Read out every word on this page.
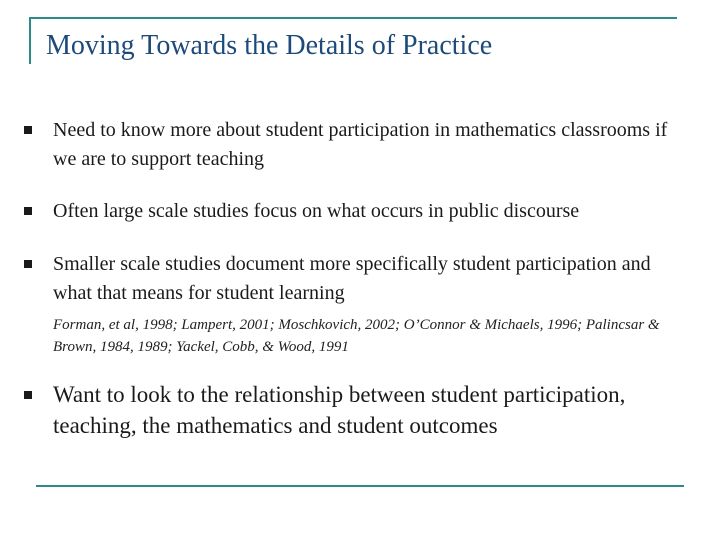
Moving Towards the Details of Practice
Need to know more about student participation in mathematics classrooms if we are to support teaching
Often large scale studies focus on what occurs in public discourse
Smaller scale studies document more specifically student participation and what that means for student learning
Forman, et al, 1998; Lampert, 2001; Moschkovich, 2002; O’Connor & Michaels, 1996; Palincsar & Brown, 1984, 1989; Yackel, Cobb, & Wood, 1991
Want to look to the relationship between student participation, teaching, the mathematics and student outcomes
